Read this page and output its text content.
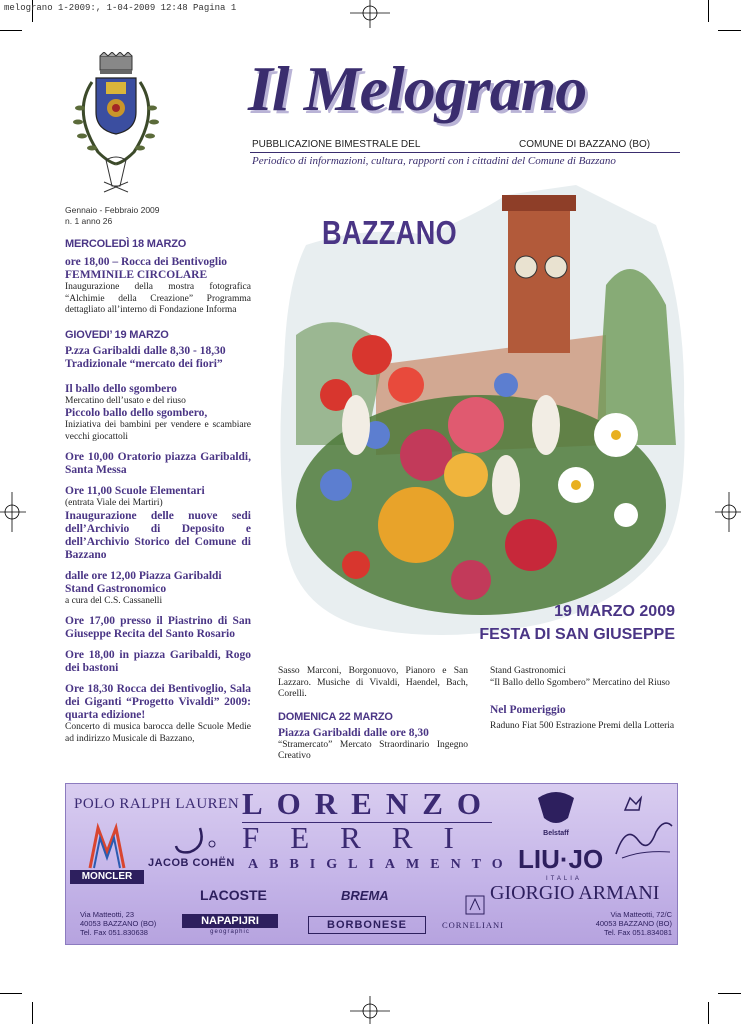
melograno 1-2009:, 1-04-2009 12:48 Pagina 1
Il Melograno
PUBBLICAZIONE BIMESTRALE DEL	COMUNE DI BAZZANO (BO)
Periodico di informazioni, cultura, rapporti con i cittadini del Comune di Bazzano
Gennaio - Febbraio 2009
n. 1 anno 26
MERCOLEDÌ 18 MARZO
ore 18,00 – Rocca dei Bentivoglio FEMMINILE CIRCOLARE
Inaugurazione della mostra fotografica “Alchimie della Creazione” Programma dettagliato all’interno di Fondazione Informa
GIOVEDI’ 19 MARZO
P.zza Garibaldi dalle 8,30 - 18,30 Tradizionale “mercato dei fiori”
Il ballo dello sgombero
Mercatino dell’usato e del riuso
Piccolo ballo dello sgombero,
Iniziativa dei bambini per vendere e scambiare vecchi giocattoli
Ore 10,00 Oratorio piazza Garibaldi, Santa Messa
Ore 11,00 Scuole Elementari
(entrata Viale dei Martiri)
Inaugurazione delle nuove sedi dell’Archivio di Deposito e dell’Archivio Storico del Comune di Bazzano
dalle ore 12,00 Piazza Garibaldi Stand Gastronomico
a cura del C.S. Cassanelli
Ore 17,00 presso il Piastrino di San Giuseppe Recita del Santo Rosario
Ore 18,00 in piazza Garibaldi, Rogo dei bastoni
Ore 18,30 Rocca dei Bentivoglio, Sala dei Giganti “Progetto Vivaldi” 2009: quarta edizione!
Concerto di musica barocca delle Scuole Medie ad indirizzo Musicale di Bazzano,
BAZZANO
19 MARZO 2009
FESTA DI SAN GIUSEPPE
Sasso Marconi, Borgonuovo, Pianoro e San Lazzaro. Musiche di Vivaldi, Haendel, Bach, Corelli.
DOMENICA 22 MARZO
Piazza Garibaldi dalle ore 8,30
“Stramercato” Mercato Straordinario Ingegno Creativo
Stand Gastronomici
“Il Ballo dello Sgombero” Mercatino del Riuso
Nel Pomeriggio
Raduno Fiat 500 Estrazione Premi della Lotteria
POLO RALPH LAUREN LORENZO
FERRI
ABBIGLIAMENTO
MONCLER
JACOB COHËN
LACOSTE	BREMA
NAPAPIJRI
geographic
BORBONESE	CORNELIANI
Belstaff
LIU·JO
ITALIA
GIORGIO ARMANI
Via Matteotti, 23
40053 BAZZANO (BO)
Tel. Fax 051.830638
Via Matteotti, 72/C
40053 BAZZANO (BO)
Tel. Fax 051.834081
